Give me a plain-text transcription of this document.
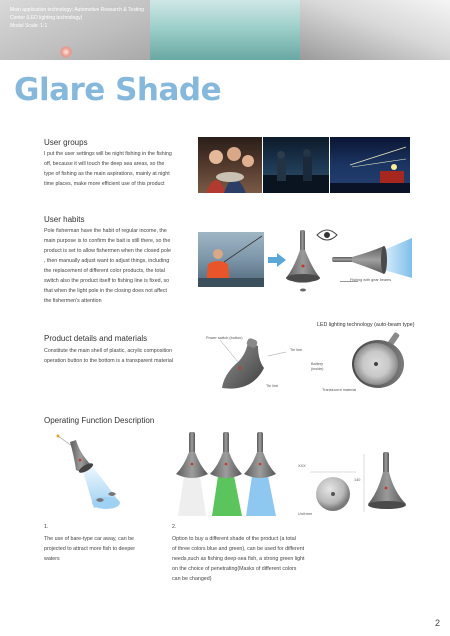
Main application technology: Automotive Research & Testing
Center (LED lighting technology)
Model Scale: 1:1
Glare Shade
User groups
I put the user settings will be night fishing in the fishing
off, because it will touch the deep sea areas, so the
type of fishing as the main aspirations, mainly at night
time places, make more efficient use of this product
User habits
Pole fisherman have the habit of regular income, the
main purpose is to confirm the bait is still there, so the
product is set to allow fishermen when the closed pole
, then manually adjust want to adjust things, including
the replacement of different color products, the total
switch also the product itself to fishing line is fixed, so
that when the light pole in the closing does not affect
the fishermen's attention
Fishing with gear beams
Product details and materials
Constitute the main shell of plastic, acrylic composition
operation button to the bottom is a transparent material
LED lighting technology (auto-beam type)
Power switch (button)
Tie line
Battery
(inside)
Tie line
Translucent material
Operating Function Description
XXX
Unit:mm
140
1.
The use of bare-type car away, can be
projected to attract more fish to deeper
waters
2.
Option to buy a different shade of the product (a total
of three colors blue and green), can be used for different
needs,such as fishing deep-sea fish, a strong green light
on the choice of penetrating(Masks of different colors
can be changed)
2
